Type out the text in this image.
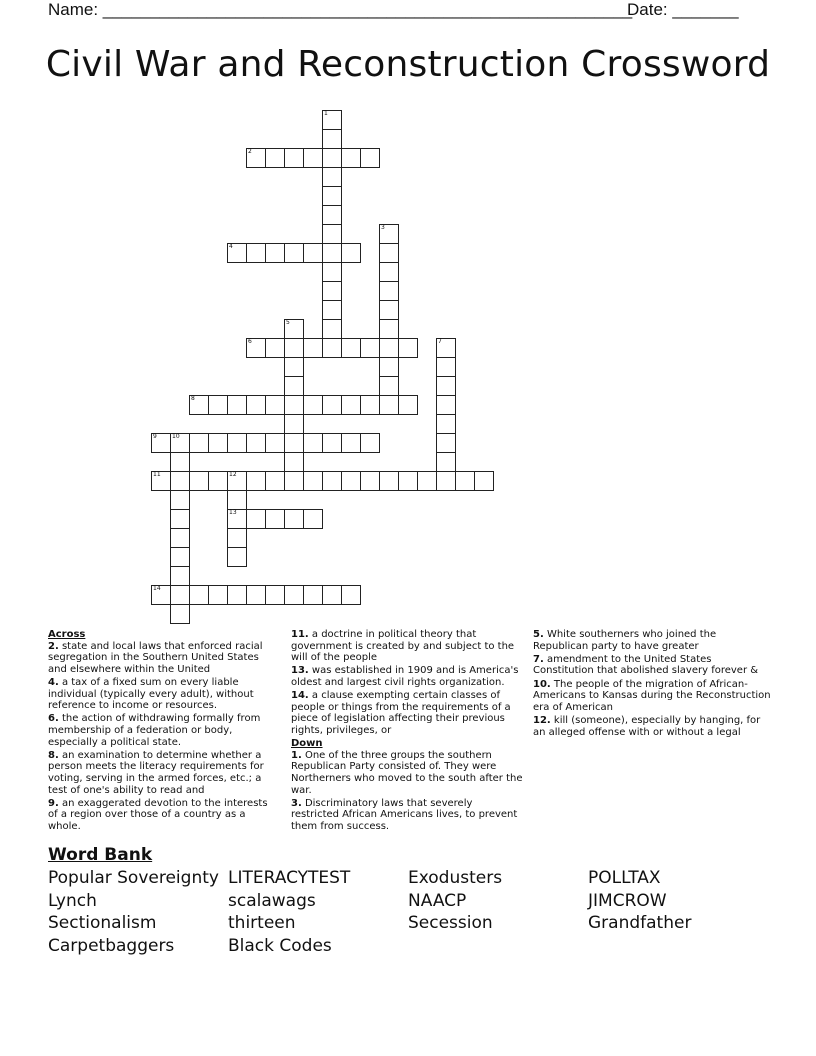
Name: ________________________________________________________
Date: _______
Civil War and Reconstruction Crossword
1
2
3
4
5
6	7
8
9	10
11	12
13
14
Across
2. state and local laws that enforced racial segregation in the Southern United States and elsewhere within the United
4. a tax of a fixed sum on every liable individual (typically every adult), without reference to income or resources.
6. the action of withdrawing formally from membership of a federation or body, especially a political state.
8. an examination to determine whether a person meets the literacy requirements for voting, serving in the armed forces, etc.; a test of one's ability to read and
9. an exaggerated devotion to the interests of a region over those of a country as a whole.
11. a doctrine in political theory that government is created by and subject to the will of the people
13. was established in 1909 and is America's oldest and largest civil rights organization.
14. a clause exempting certain classes of people or things from the requirements of a piece of legislation affecting their previous rights, privileges, or
Down
1. One of the three groups the southern Republican Party consisted of. They were Northerners who moved to the south after the war.
3. Discriminatory laws that severely restricted African Americans lives, to prevent them from success.
5. White southerners who joined the Republican party to have greater
7. amendment to the United States Constitution that abolished slavery forever &
10. The people of the migration of African-Americans to Kansas during the Reconstruction era of American
12. kill (someone), especially by hanging, for an alleged offense with or without a legal
Word Bank
Popular Sovereignty
Lynch
Sectionalism
Carpetbaggers
LITERACYTEST
scalawags
thirteen
Black Codes
Exodusters
NAACP
Secession
POLLTAX
JIMCROW
Grandfather
